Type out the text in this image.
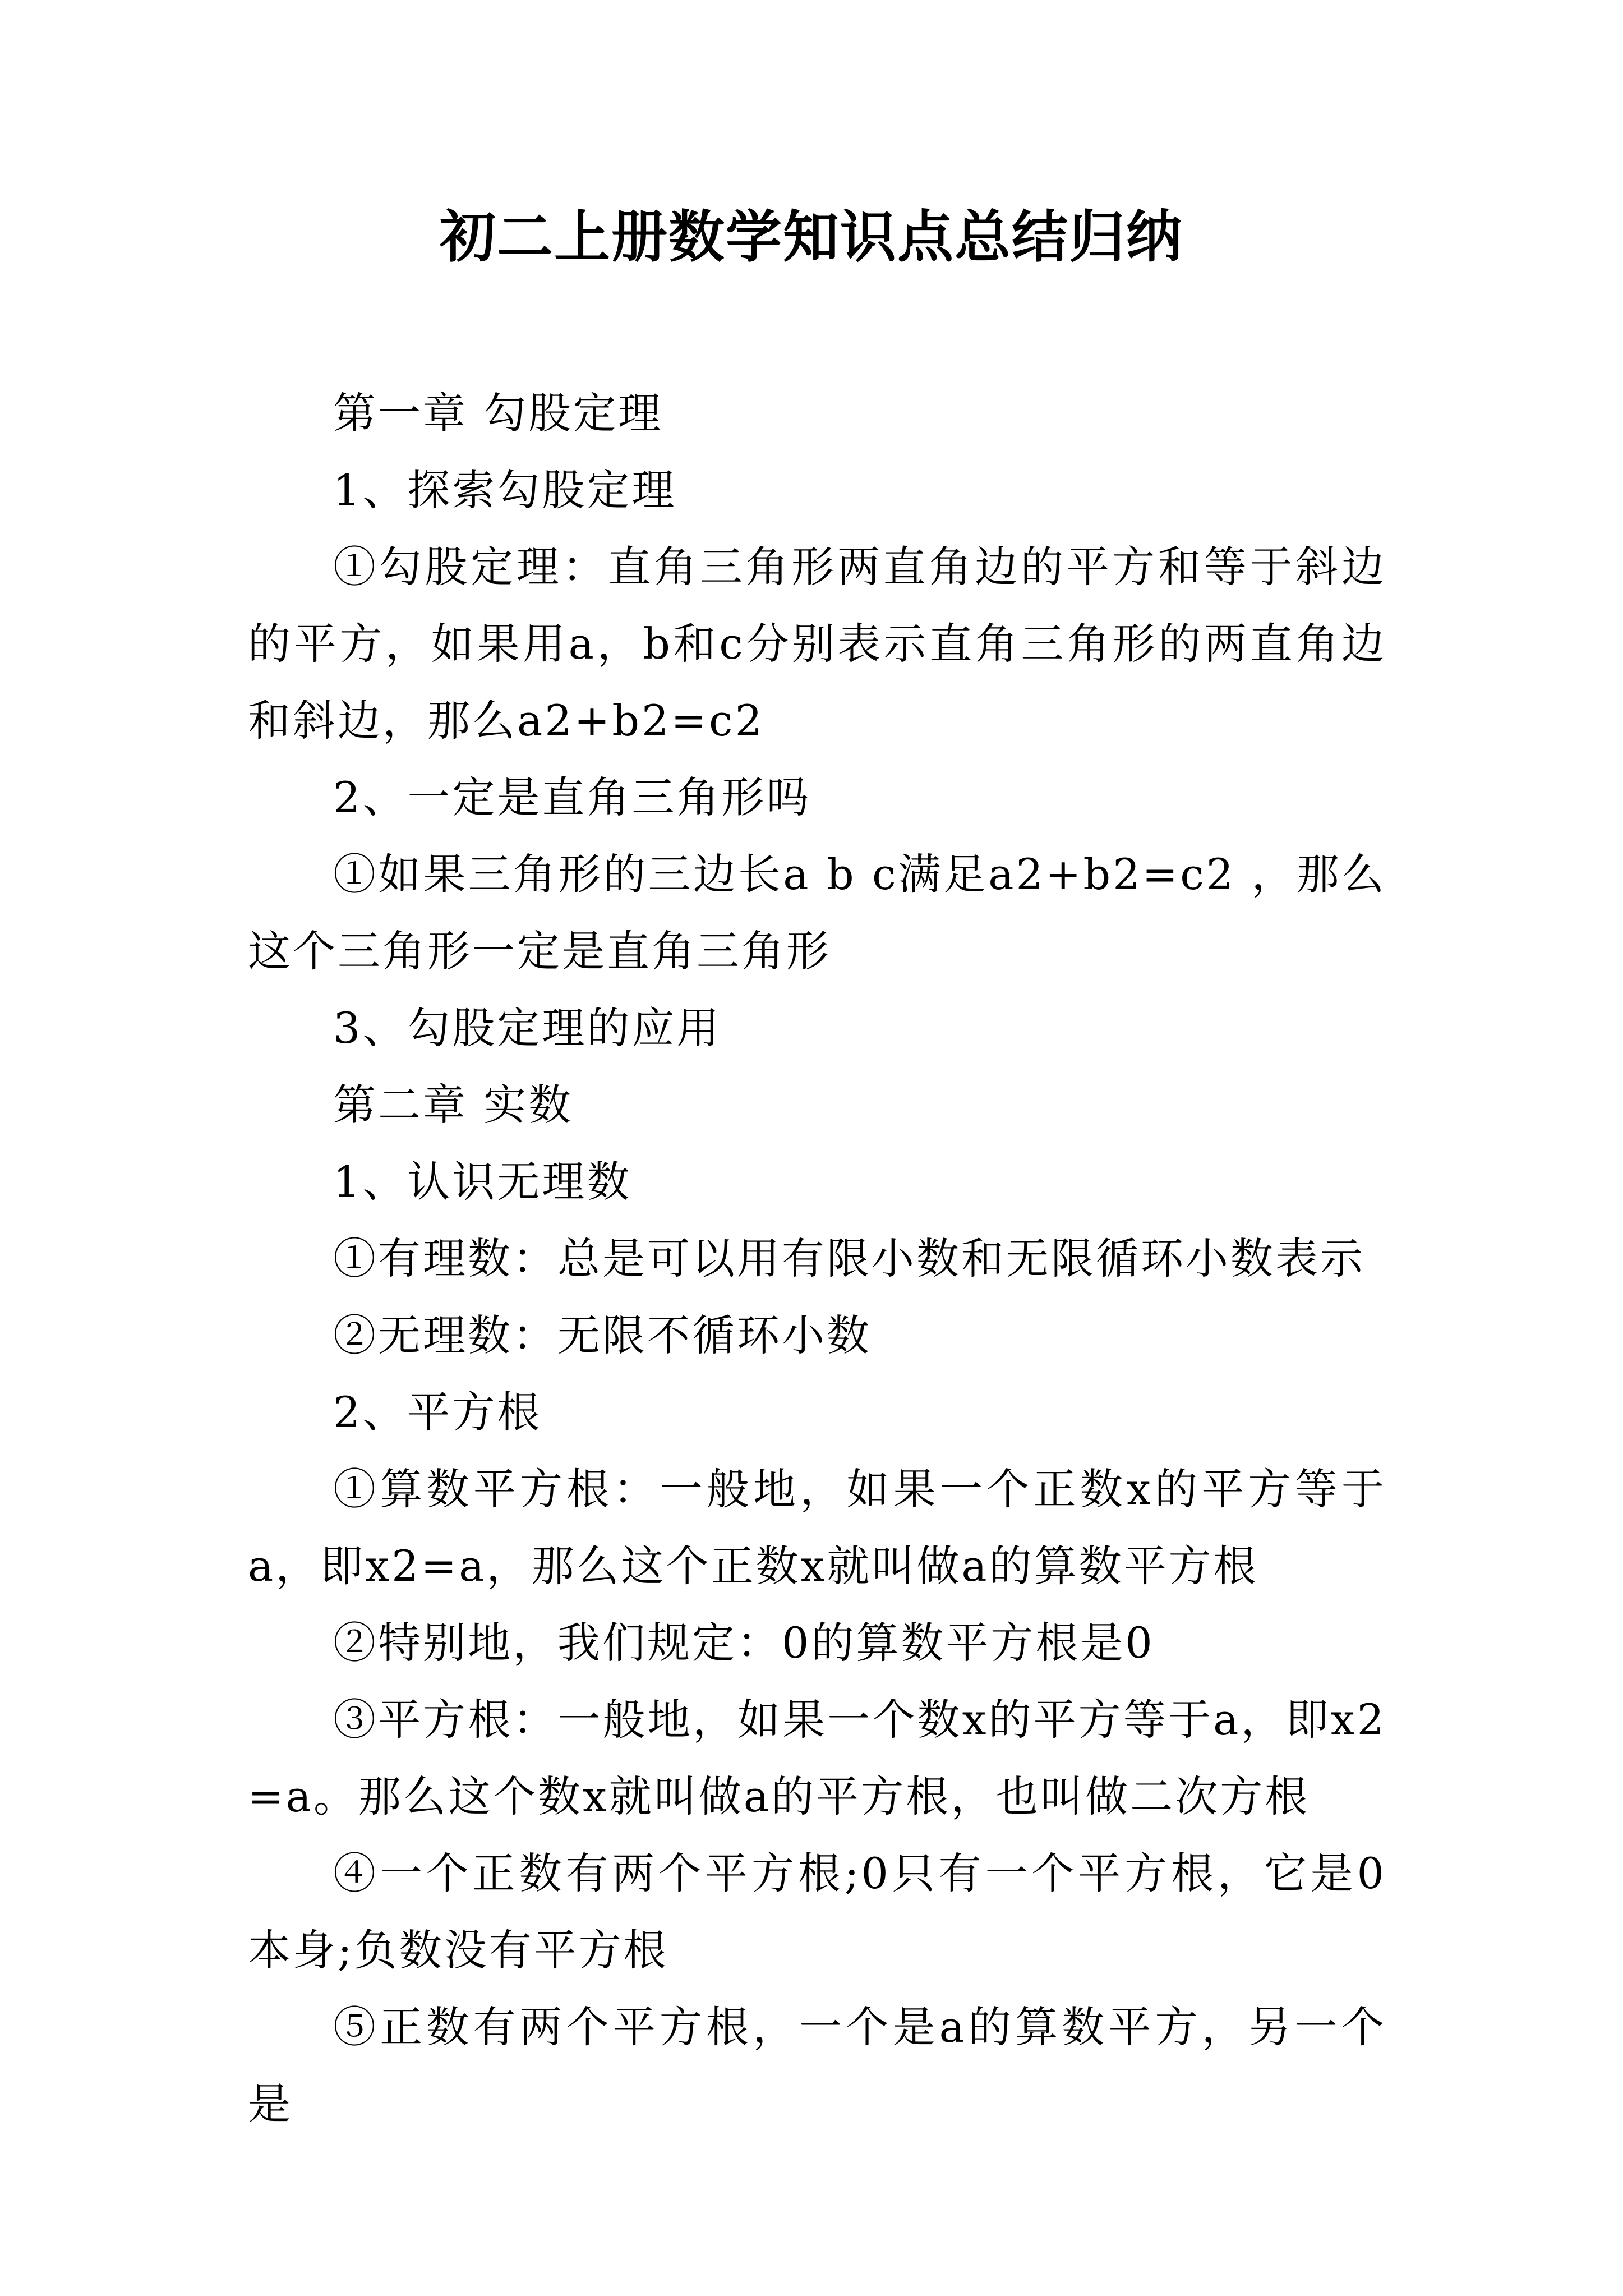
初二上册数学知识点总结归纳

第一章 勾股定理

1、探索勾股定理

①勾股定理：直角三角形两直角边的平方和等于斜边的平方，如果用a，b和c分别表示直角三角形的两直角边和斜边，那么a2+b2=c2

2、一定是直角三角形吗

①如果三角形的三边长a b c满足a2+b2=c2 ，那么这个三角形一定是直角三角形

3、勾股定理的应用

第二章 实数

1、认识无理数

①有理数：总是可以用有限小数和无限循环小数表示

②无理数：无限不循环小数

2、平方根

①算数平方根：一般地，如果一个正数x的平方等于a，即x2=a，那么这个正数x就叫做a的算数平方根

②特别地，我们规定：0的算数平方根是0

③平方根：一般地，如果一个数x的平方等于a，即x2=a。那么这个数x就叫做a的平方根，也叫做二次方根

④一个正数有两个平方根;0只有一个平方根，它是0本身;负数没有平方根

⑤正数有两个平方根，一个是a的算数平方，另一个是
